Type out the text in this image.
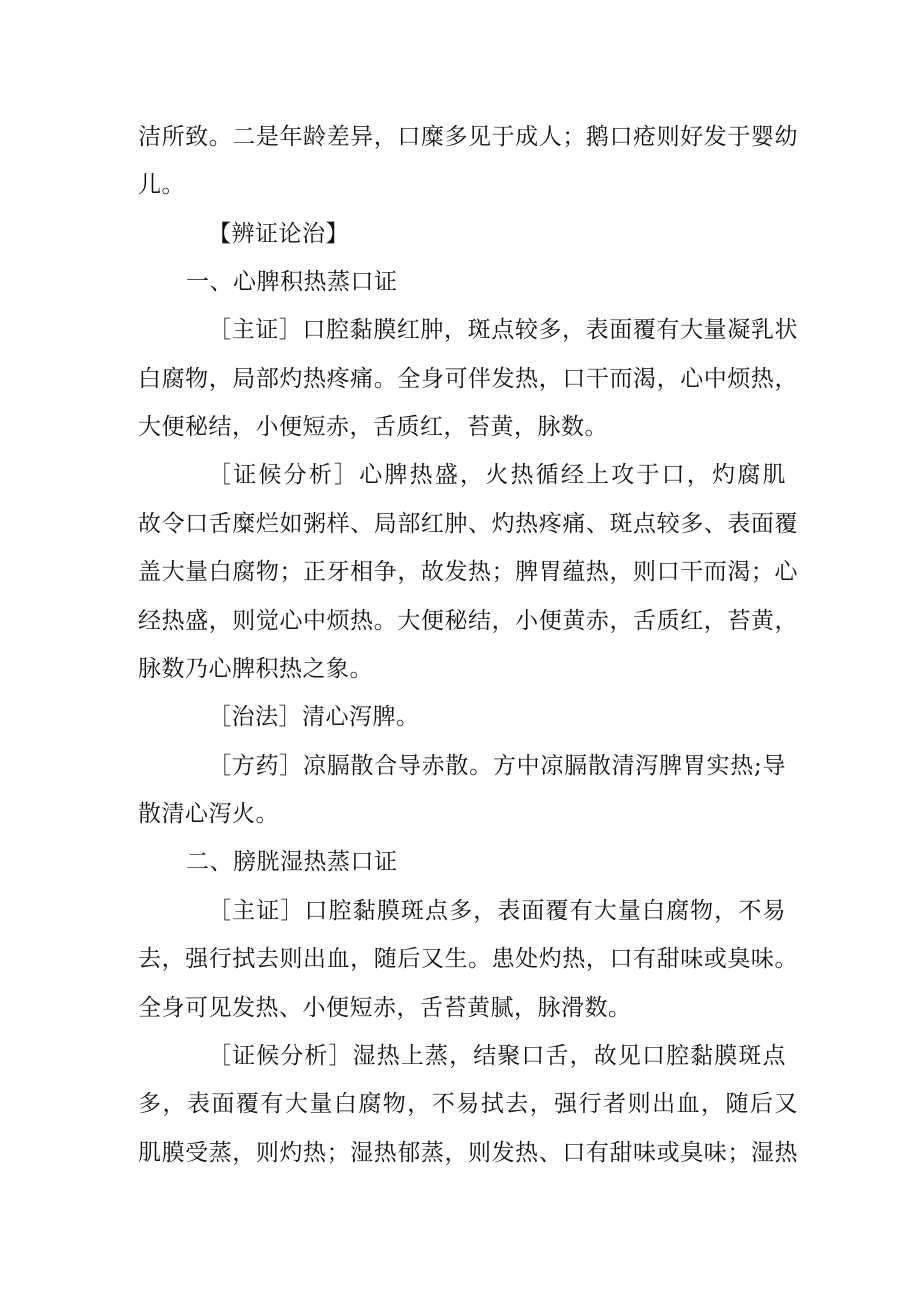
洁所致。二是年龄差异，口糜多见于成人；鹅口疮则好发于婴幼
儿。
【辨证论治】
一、心脾积热蒸口证
［主证］口腔黏膜红肿，斑点较多，表面覆有大量凝乳状
白腐物，局部灼热疼痛。全身可伴发热，口干而渴，心中烦热，
大便秘结，小便短赤，舌质红，苔黄，脉数。
［证候分析］心脾热盛，火热循经上攻于口，灼腐肌
故令口舌糜烂如粥样、局部红肿、灼热疼痛、斑点较多、表面覆
盖大量白腐物；正牙相争，故发热；脾胃蕴热，则口干而渴；心
经热盛，则觉心中烦热。大便秘结，小便黄赤，舌质红，苔黄，
脉数乃心脾积热之象。
［治法］清心泻脾。
［方药］凉膈散合导赤散。方中凉膈散清泻脾胃实热;导
散清心泻火。
二、膀胱湿热蒸口证
［主证］口腔黏膜斑点多，表面覆有大量白腐物，不易
去，强行拭去则出血，随后又生。患处灼热，口有甜味或臭味。
全身可见发热、小便短赤，舌苔黄腻，脉滑数。
［证候分析］湿热上蒸，结聚口舌，故见口腔黏膜斑点
多，表面覆有大量白腐物，不易拭去，强行者则出血，随后又
肌膜受蒸，则灼热；湿热郁蒸，则发热、口有甜味或臭味；湿热
